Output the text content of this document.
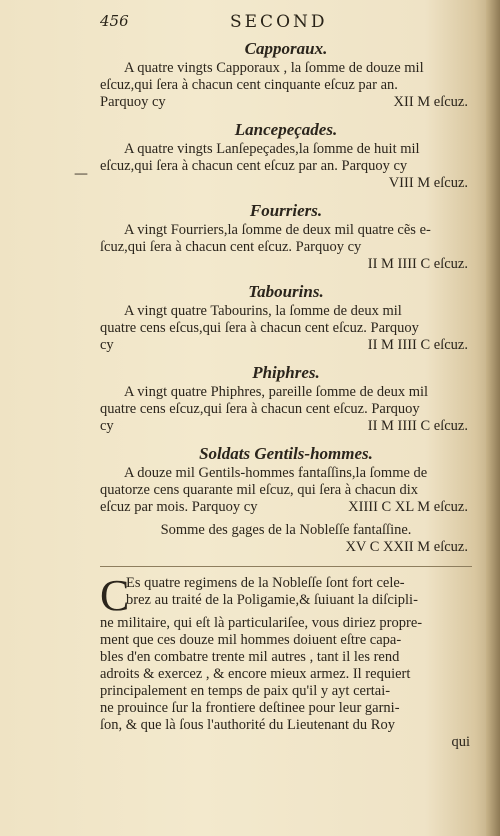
456	SECOND
—
Capporaux.
A quatre vingts Capporaux , la ſomme de douze mil
eſcuz,qui ſera à chacun cent cinquante eſcuz par an.
Parquoy cy	XII M eſcuz.
Lancepeçades.
A quatre vingts Lanſepeçades,la ſomme de huit mil
eſcuz,qui ſera à chacun cent eſcuz par an. Parquoy cy
VIII M eſcuz.
Fourriers.
A vingt Fourriers,la ſomme de deux mil quatre cẽs e-
ſcuz,qui ſera à chacun cent eſcuz. Parquoy cy
II M IIII C eſcuz.
Tabourins.
A vingt quatre Tabourins, la ſomme de deux mil
quatre cens eſcus,qui ſera à chacun cent eſcuz. Parquoy
cy	II M IIII C eſcuz.
Phiphres.
A vingt quatre Phiphres, pareille ſomme de deux mil
quatre cens eſcuz,qui ſera à chacun cent eſcuz. Parquoy
cy	II M IIII C eſcuz.
Soldats Gentils-hommes.
A douze mil Gentils-hommes fantaſſins,la ſomme de
quatorze cens quarante mil eſcuz, qui ſera à chacun dix
eſcuz par mois. Parquoy cy	XIIII C XL M eſcuz.
Somme des gages de la Nobleſſe fantaſſine.
XV C XXII M eſcuz.
C
Es quatre regimens de la Nobleſſe ſont fort cele-
brez au traité de la Poligamie,& ſuiuant la diſcipli-
ne militaire, qui eſt là particulariſee, vous diriez propre-
ment que ces douze mil hommes doiuent eſtre capa-
bles d'en combatre trente mil autres , tant il les rend
adroits & exercez , & encore mieux armez. Il requiert
principalement en temps de paix qu'il y ayt certai-
ne prouince ſur la frontiere deſtinee pour leur garni-
ſon, & que là ſous l'authorité du Lieutenant du Roy
qui
